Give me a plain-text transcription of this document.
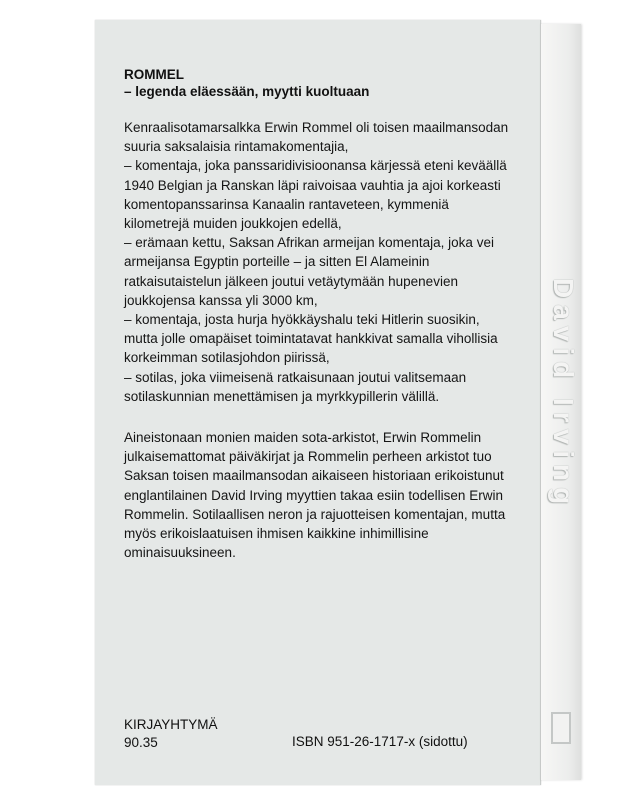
David Irving
ROMMEL
– legenda eläessään, myytti kuoltuaan

Kenraalisotamarsalkka Erwin Rommel oli toisen maailmansodan suuria saksalaisia rintamakomentajia,

– komentaja, joka panssaridivisioonansa kärjessä eteni keväällä 1940 Belgian ja Ranskan läpi raivoisaa vauhtia ja ajoi korkeasti komentopanssarinsa Kanaalin rantaveteen, kymmeniä kilometrejä muiden joukkojen edellä,

– erämaan kettu, Saksan Afrikan armeijan komentaja, joka vei armeijansa Egyptin porteille – ja sitten El Alameinin ratkaisutaistelun jälkeen joutui vetäytymään hupenevien joukkojensa kanssa yli 3000 km,

– komentaja, josta hurja hyökkäyshalu teki Hitlerin suosikin, mutta jolle omapäiset toimintatavat hankkivat samalla vihollisia korkeimman sotilasjohdon piirissä,

– sotilas, joka viimeisenä ratkaisunaan joutui valitsemaan sotilaskunnian menettämisen ja myrkkypillerin välillä.

Aineistonaan monien maiden sota-arkistot, Erwin Rommelin julkaisemattomat päiväkirjat ja Rommelin perheen arkistot tuo Saksan toisen maailmansodan aikaiseen historiaan erikoistunut englantilainen David Irving myyttien takaa esiin todellisen Erwin Rommelin. Sotilaallisen neron ja rajuotteisen komentajan, mutta myös erikoislaatuisen ihmisen kaikkine inhimillisine ominaisuuksineen.

KIRJAYHTYMÄ
90.35	ISBN 951-26-1717-x (sidottu)
